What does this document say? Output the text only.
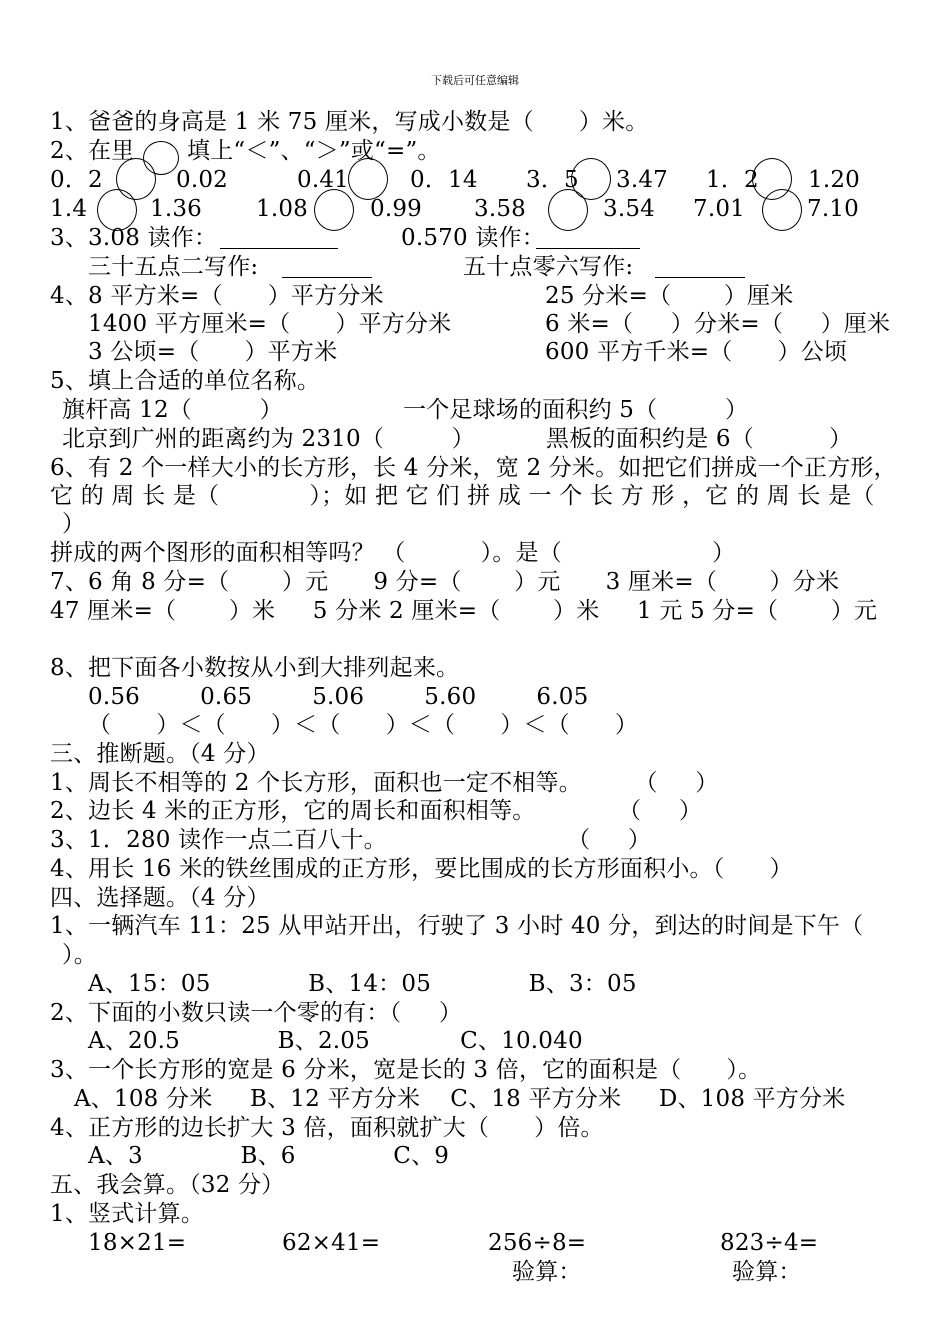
下载后可任意编辑
1、爸爸的身高是 1 米 75 厘米，写成小数是（      ）米。
2、在里       填上“＜”、“＞”或“=”。
0．2	0.02	0.41	0．14 3．5 3.47 1．2 1.20
1.4	1.36 1.08	0.99 3.58	3.54 7.01	7.10
3、3.08 读作：	0.570 读作：
三十五点二写作:	五十点零六写作:
4、8 平方米=（      ）平方分米	25 分米=（       ）厘米
1400 平方厘米=（      ）平方分米	6 米=（     ）分米=（     ）厘米
3 公顷=（      ）平方米	600 平方千米=（      ）公顷
5、填上合适的单位名称。
旗杆高 12（         ）	一个足球场的面积约 5（         ）
北京到广州的距离约为 2310（         ）	黑板的面积约是 6（          ）
6、有 2 个一样大小的长方形，长 4 分米，宽 2 分米。如把它们拼成一个正方形，
它 的 周 长 是（            ）；如 把 它 们 拼 成 一 个 长 方 形 ，它 的 周 长 是（
）
拼成的两个图形的面积相等吗？ （          ）。是（                    ）
7、6 角 8 分=（       ）元      9 分=（       ）元      3 厘米=（       ）分米
47 厘米=（       ）米     5 分米 2 厘米=（       ）米     1 元 5 分=（       ）元
8、把下面各小数按从小到大排列起来。
0.56        0.65        5.06        5.60        6.05
（      ）＜（      ）＜（      ）＜（      ）＜（      ）
三、推断题。（4 分）
1、周长不相等的 2 个长方形，面积也一定不相等。       （     ）
2、边长 4 米的正方形，它的周长和面积相等。           （     ）
3、1．280 读作一点二百八十。                        （     ）
4、用长 16 米的铁丝围成的正方形，要比围成的长方形面积小。（      ）
四、选择题。（4 分）
1、一辆汽车 11：25 从甲站开出，行驶了 3 小时 40 分，到达的时间是下午（
）。
A、15：05             B、14：05             B、3：05
2、下面的小数只读一个零的有：（     ）
A、20.5             B、2.05            C、10.040
3、一个长方形的宽是 6 分米，宽是长的 3 倍，它的面积是（      ）。
A、108 分米     B、12 平方分米    C、18 平方分米     D、108 平方分米
4、正方形的边长扩大 3 倍，面积就扩大（      ）倍。
A、3             B、6             C、9
五、我会算。（32 分）
1、竖式计算。
18×21=	62×41=	256÷8=	823÷4=
验算：	验算：
